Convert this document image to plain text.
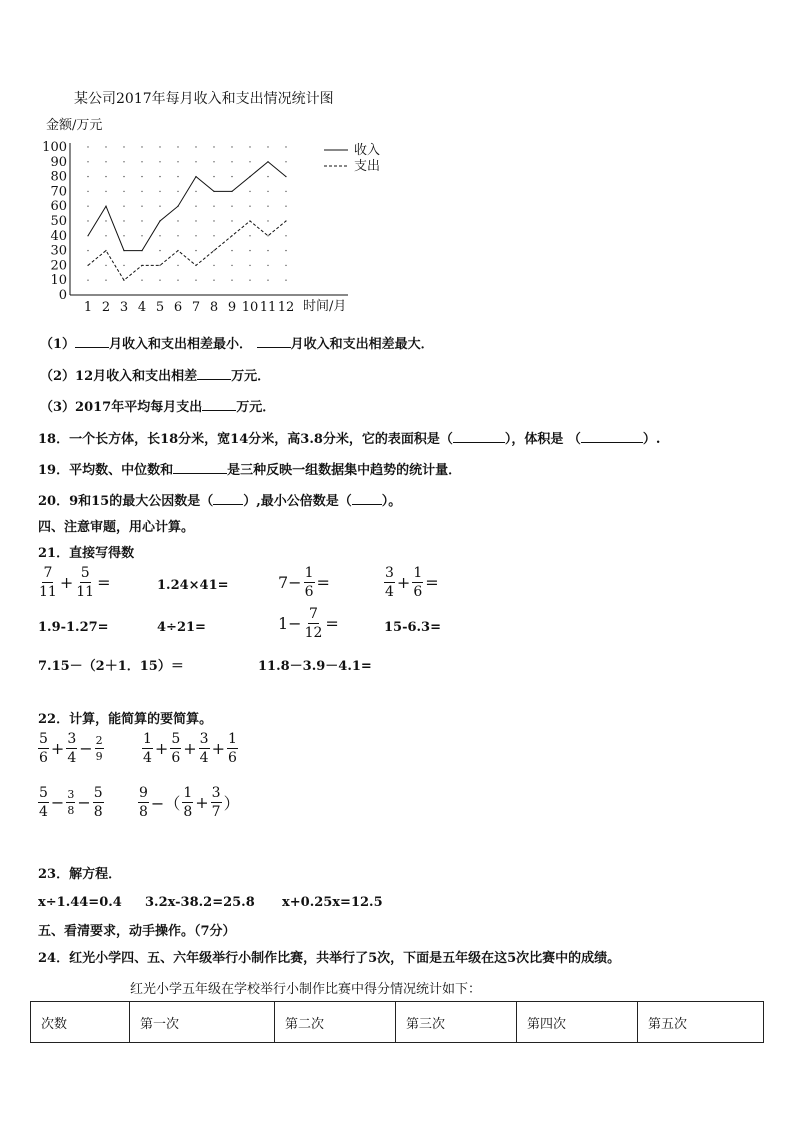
某公司2017年每月收入和支出情况统计图
金额/万元
时间/月
0
10
20
30
40
50
60
70
80
90
100
1 2 3 4 5 6 7 8 9 10 11 12
收入
支出
（1）	月收入和支出相差最小．	月收入和支出相差最大．
（2）12月收入和支出相差	万元．
（3）2017年平均每月支出	万元．
18．一个长方体，长18分米，宽14分米，高3.8分米，它的表面积是（	），体积是 （	）.
19．平均数、中位数和	是三种反映一组数据集中趋势的统计量．
20．9和15的最大公因数是（ ）,最小公倍数是（ ）。
四、注意审题，用心计算。
21．直接写得数
$\frac{7}{11} + \frac{5}{11}$ =	1.24×41=	$7- \frac{1}{6}$ =	$\frac{3}{4} + \frac{1}{6}$ =
1.9-1.27=	4÷21=	$1- \frac{7}{12}$ =	15-6.3=
7.15－（2＋1．15）＝	11.8－3.9－4.1=
22．计算，能简算的要简算。
$\frac{5}{6} + \frac{3}{4} - \frac{2}{9}$	$\frac{1}{4} + \frac{5}{6} + \frac{3}{4} + \frac{1}{6}$
$\frac{5}{4} - \frac{3}{8} - \frac{5}{8} \frac{9}{8}$ −（ $\frac{1}{8} + \frac{3}{7}$ ）
23．解方程．
x÷1.44=0.4 3.2x-38.2=25.8 x+0.25x=12.5
五、看清要求，动手操作。（7分）
24．红光小学四、五、六年级举行小制作比赛，共举行了5次，下面是五年级在这5次比赛中的成绩。
红光小学五年级在学校举行小制作比赛中得分情况统计如下：
次数	第一次	第二次	第三次	第四次	第五次
